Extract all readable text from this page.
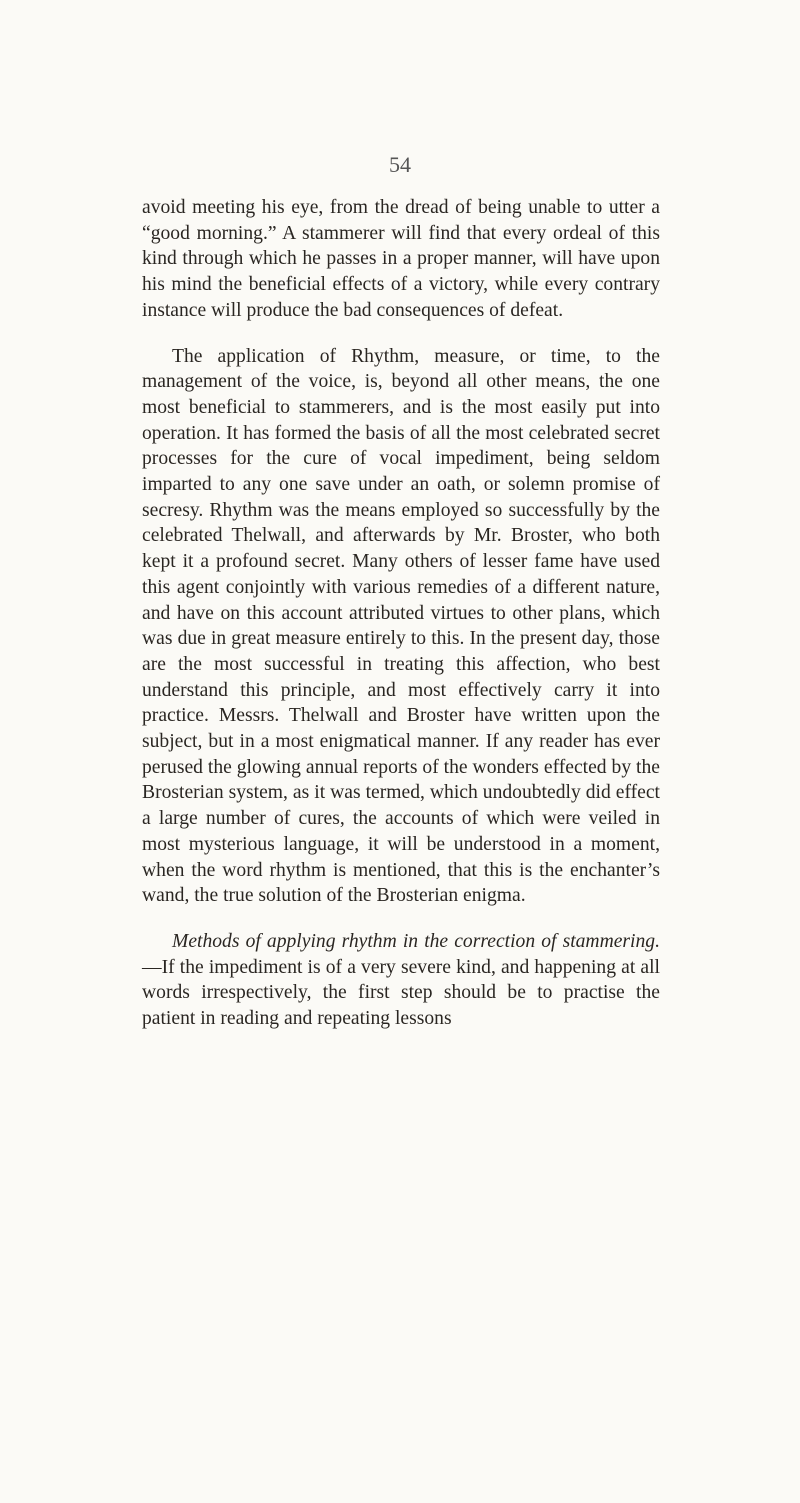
54

avoid meeting his eye, from the dread of being unable to utter a “good morning.” A stammerer will find that every ordeal of this kind through which he passes in a proper manner, will have upon his mind the beneficial effects of a victory, while every contrary instance will produce the bad consequences of defeat.

The application of Rhythm, measure, or time, to the management of the voice, is, beyond all other means, the one most beneficial to stammerers, and is the most easily put into operation. It has formed the basis of all the most celebrated secret processes for the cure of vocal impediment, being seldom imparted to any one save under an oath, or solemn promise of secresy. Rhythm was the means employed so successfully by the celebrated Thelwall, and afterwards by Mr. Broster, who both kept it a profound secret. Many others of lesser fame have used this agent conjointly with various remedies of a different nature, and have on this account attributed virtues to other plans, which was due in great measure entirely to this. In the present day, those are the most successful in treating this affection, who best understand this principle, and most effectively carry it into practice. Messrs. Thelwall and Broster have written upon the subject, but in a most enigmatical manner. If any reader has ever perused the glowing annual reports of the wonders effected by the Brosterian system, as it was termed, which undoubtedly did effect a large number of cures, the accounts of which were veiled in most mysterious language, it will be understood in a moment, when the word rhythm is mentioned, that this is the enchanter’s wand, the true solution of the Brosterian enigma.

Methods of applying rhythm in the correction of stammering.—If the impediment is of a very severe kind, and happening at all words irrespectively, the first step should be to practise the patient in reading and repeating lessons
